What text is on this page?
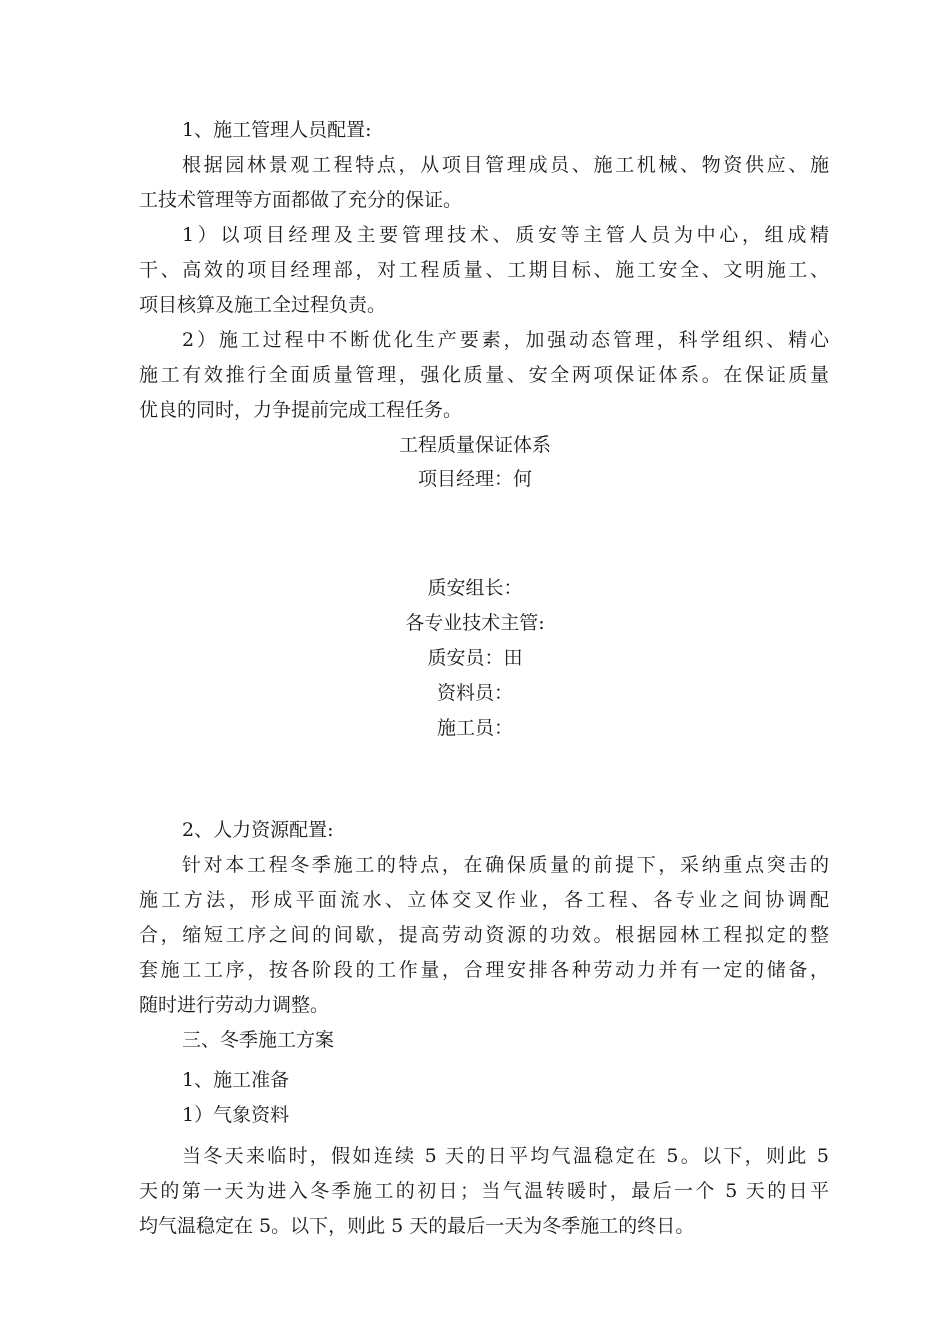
1、施工管理人员配置:
根据园林景观工程特点，从项目管理成员、施工机械、物资供应、施
工技术管理等方面都做了充分的保证。
1）以项目经理及主要管理技术、质安等主管人员为中心，组成精
干、高效的项目经理部，对工程质量、工期目标、施工安全、文明施工、
项目核算及施工全过程负责。
2）施工过程中不断优化生产要素，加强动态管理，科学组织、精心
施工有效推行全面质量管理，强化质量、安全两项保证体系。在保证质量
优良的同时，力争提前完成工程任务。
工程质量保证体系
项目经理：何
质安组长：
各专业技术主管:
质安员：田
资料员：
施工员：
2、人力资源配置:
针对本工程冬季施工的特点，在确保质量的前提下，采纳重点突击的
施工方法，形成平面流水、立体交叉作业，各工程、各专业之间协调配
合，缩短工序之间的间歇，提高劳动资源的功效。根据园林工程拟定的整
套施工工序，按各阶段的工作量，合理安排各种劳动力并有一定的储备，
随时进行劳动力调整。
三、冬季施工方案
1、施工准备
1）气象资料
当冬天来临时，假如连续 5 天的日平均气温稳定在 5。以下，则此 5
天的第一天为进入冬季施工的初日；当气温转暖时，最后一个 5 天的日平
均气温稳定在 5。以下，则此 5 天的最后一天为冬季施工的终日。
